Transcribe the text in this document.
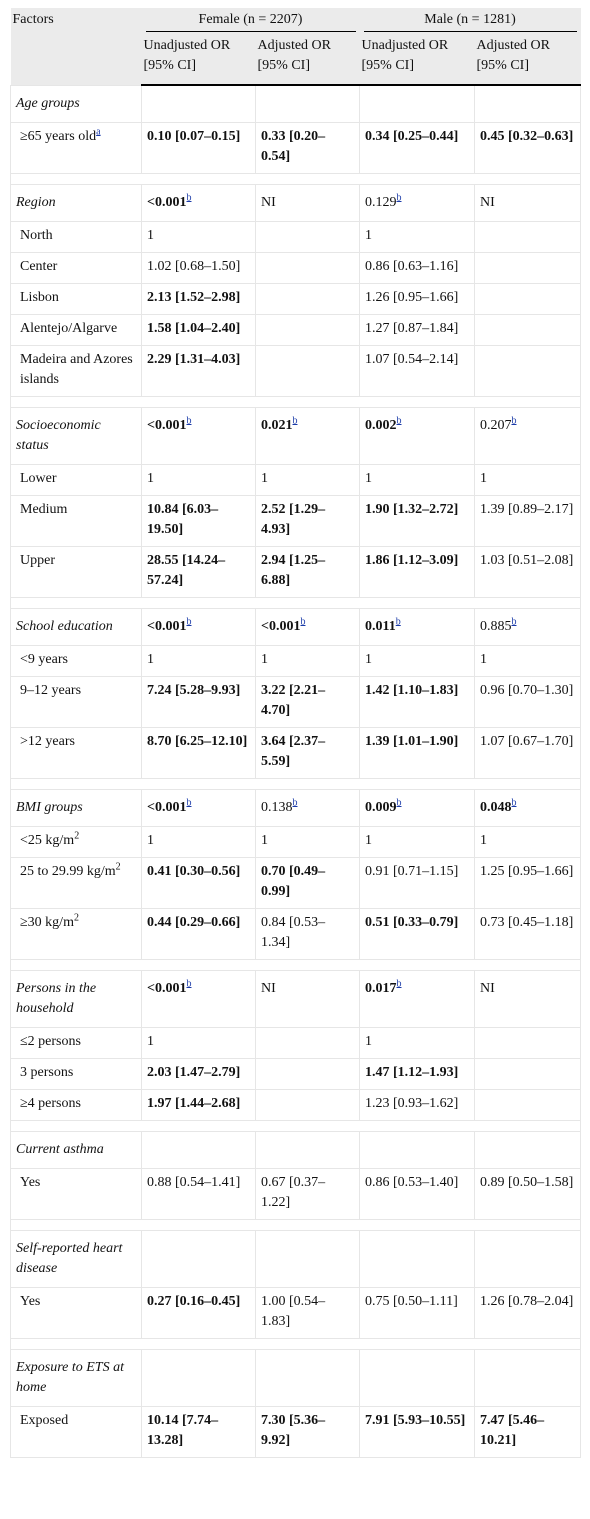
Factors	Female (n = 2207)		Male (n = 1281)	

	Unadjusted OR [95% CI]	Adjusted OR [95% CI]	Unadjusted OR [95% CI]	Adjusted OR [95% CI]
Age groups				
≥65 years old$^a$	0.10 [0.07–0.15]	0.33 [0.20–0.54]	0.34 [0.25–0.44]	0.45 [0.32–0.63]

Region	<0.001$^b$	NI	0.129$^b$	NI
North	1		1	
Center	1.02 [0.68–1.50]		0.86 [0.63–1.16]	
Lisbon	2.13 [1.52–2.98]		1.26 [0.95–1.66]	
Alentejo/Algarve	1.58 [1.04–2.40]		1.27 [0.87–1.84]	
Madeira and Azores islands	2.29 [1.31–4.03]		1.07 [0.54–2.14]	

Socioeconomic status	<0.001$^b$	0.021$^b$	0.002$^b$	0.207$^b$
Lower	1	1	1	1
Medium	10.84 [6.03–19.50]	2.52 [1.29–4.93]	1.90 [1.32–2.72]	1.39 [0.89–2.17]
Upper	28.55 [14.24–57.24]	2.94 [1.25–6.88]	1.86 [1.12–3.09]	1.03 [0.51–2.08]

School education	<0.001$^b$	<0.001$^b$	0.011$^b$	0.885$^b$
<9 years	1	1	1	1
9–12 years	7.24 [5.28–9.93]	3.22 [2.21–4.70]	1.42 [1.10–1.83]	0.96 [0.70–1.30]
>12 years	8.70 [6.25–12.10]	3.64 [2.37–5.59]	1.39 [1.01–1.90]	1.07 [0.67–1.70]

BMI groups	<0.001$^b$	0.138$^b$	0.009$^b$	0.048$^b$
<25 $kg/m^2$	1	1	1	1
25 to 29.99 $kg/m^2$	0.41 [0.30–0.56]	0.70 [0.49–0.99]	0.91 [0.71–1.15]	1.25 [0.95–1.66]
≥30 $kg/m^2$	0.44 [0.29–0.66]	0.84 [0.53–1.34]	0.51 [0.33–0.79]	0.73 [0.45–1.18]

Persons in the household	<0.001$^b$	NI	0.017$^b$	NI
≤2 persons	1		1	
3 persons	2.03 [1.47–2.79]		1.47 [1.12–1.93]	
≥4 persons	1.97 [1.44–2.68]		1.23 [0.93–1.62]	

Current asthma				
Yes	0.88 [0.54–1.41]	0.67 [0.37–1.22]	0.86 [0.53–1.40]	0.89 [0.50–1.58]

Self-reported heart disease				
Yes	0.27 [0.16–0.45]	1.00 [0.54–1.83]	0.75 [0.50–1.11]	1.26 [0.78–2.04]

Exposure to ETS at home				
Exposed	10.14 [7.74–13.28]	7.30 [5.36–9.92]	7.91 [5.93–10.55]	7.47 [5.46–10.21]
